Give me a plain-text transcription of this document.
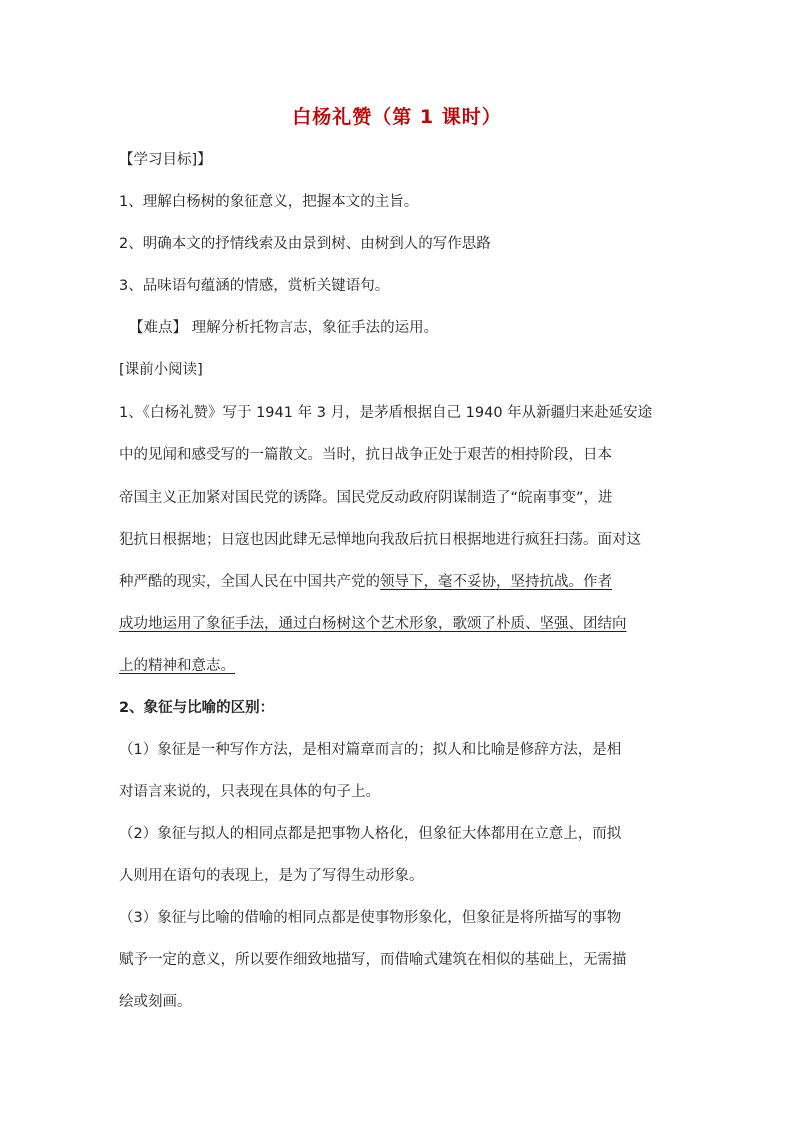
白杨礼赞（第 1 课时）
【学习目标]】
1、理解白杨树的象征意义，把握本文的主旨。
2、明确本文的抒情线索及由景到树、由树到人的写作思路
3、品味语句蕴涵的情感，赏析关键语句。
【难点】 理解分析托物言志，象征手法的运用。
[课前小阅读]
1、《白杨礼赞》写于 1941 年 3 月，是茅盾根据自己 1940 年从新疆归来赴延安途
中的见闻和感受写的一篇散文。当时，抗日战争正处于艰苦的相持阶段，日本
帝国主义正加紧对国民党的诱降。国民党反动政府阴谋制造了“皖南事变”，进
犯抗日根据地；日寇也因此肆无忌惮地向我敌后抗日根据地进行疯狂扫荡。面对这
种严酷的现实，全国人民在中国共产党的领导下，毫不妥协，坚持抗战。作者
成功地运用了象征手法，通过白杨树这个艺术形象，歌颂了朴质、坚强、团结向
上的精神和意志。
2、象征与比喻的区别：
（1）象征是一种写作方法，是相对篇章而言的；拟人和比喻是修辞方法，是相
对语言来说的，只表现在具体的句子上。
（2）象征与拟人的相同点都是把事物人格化，但象征大体都用在立意上，而拟
人则用在语句的表现上，是为了写得生动形象。
（3）象征与比喻的借喻的相同点都是使事物形象化，但象征是将所描写的事物
赋予一定的意义，所以要作细致地描写，而借喻式建筑在相似的基础上，无需描
绘或刻画。
